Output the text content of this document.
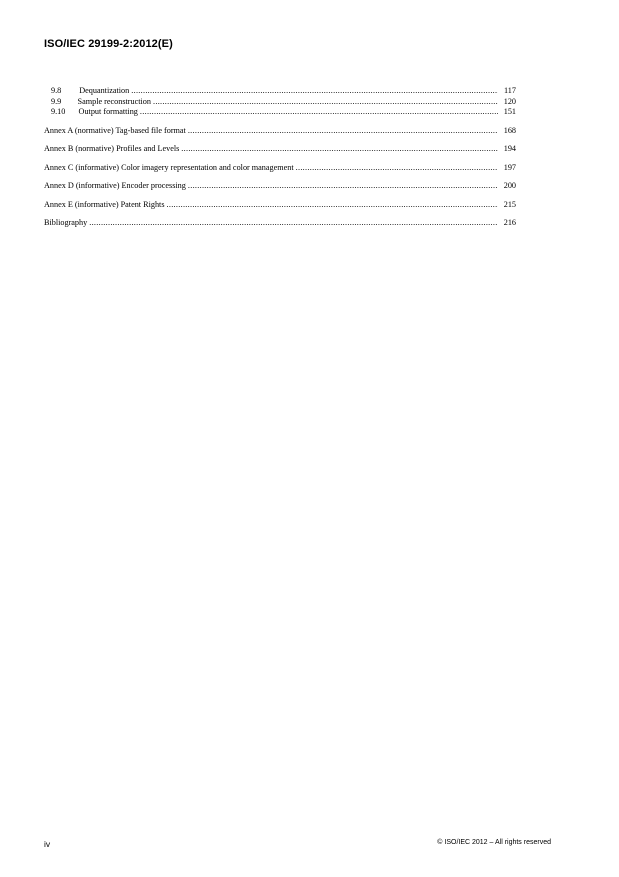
ISO/IEC 29199-2:2012(E)
9.8	Dequantization .....	117
9.9	Sample reconstruction .....	120
9.10	Output formatting .....	151
Annex A (normative) Tag-based file format .....	168
Annex B (normative) Profiles and Levels .....	194
Annex C (informative) Color imagery representation and color management .....	197
Annex D (informative) Encoder processing .....	200
Annex E (informative) Patent Rights .....	215
Bibliography .....	216
iv	© ISO/IEC 2012 – All rights reserved
